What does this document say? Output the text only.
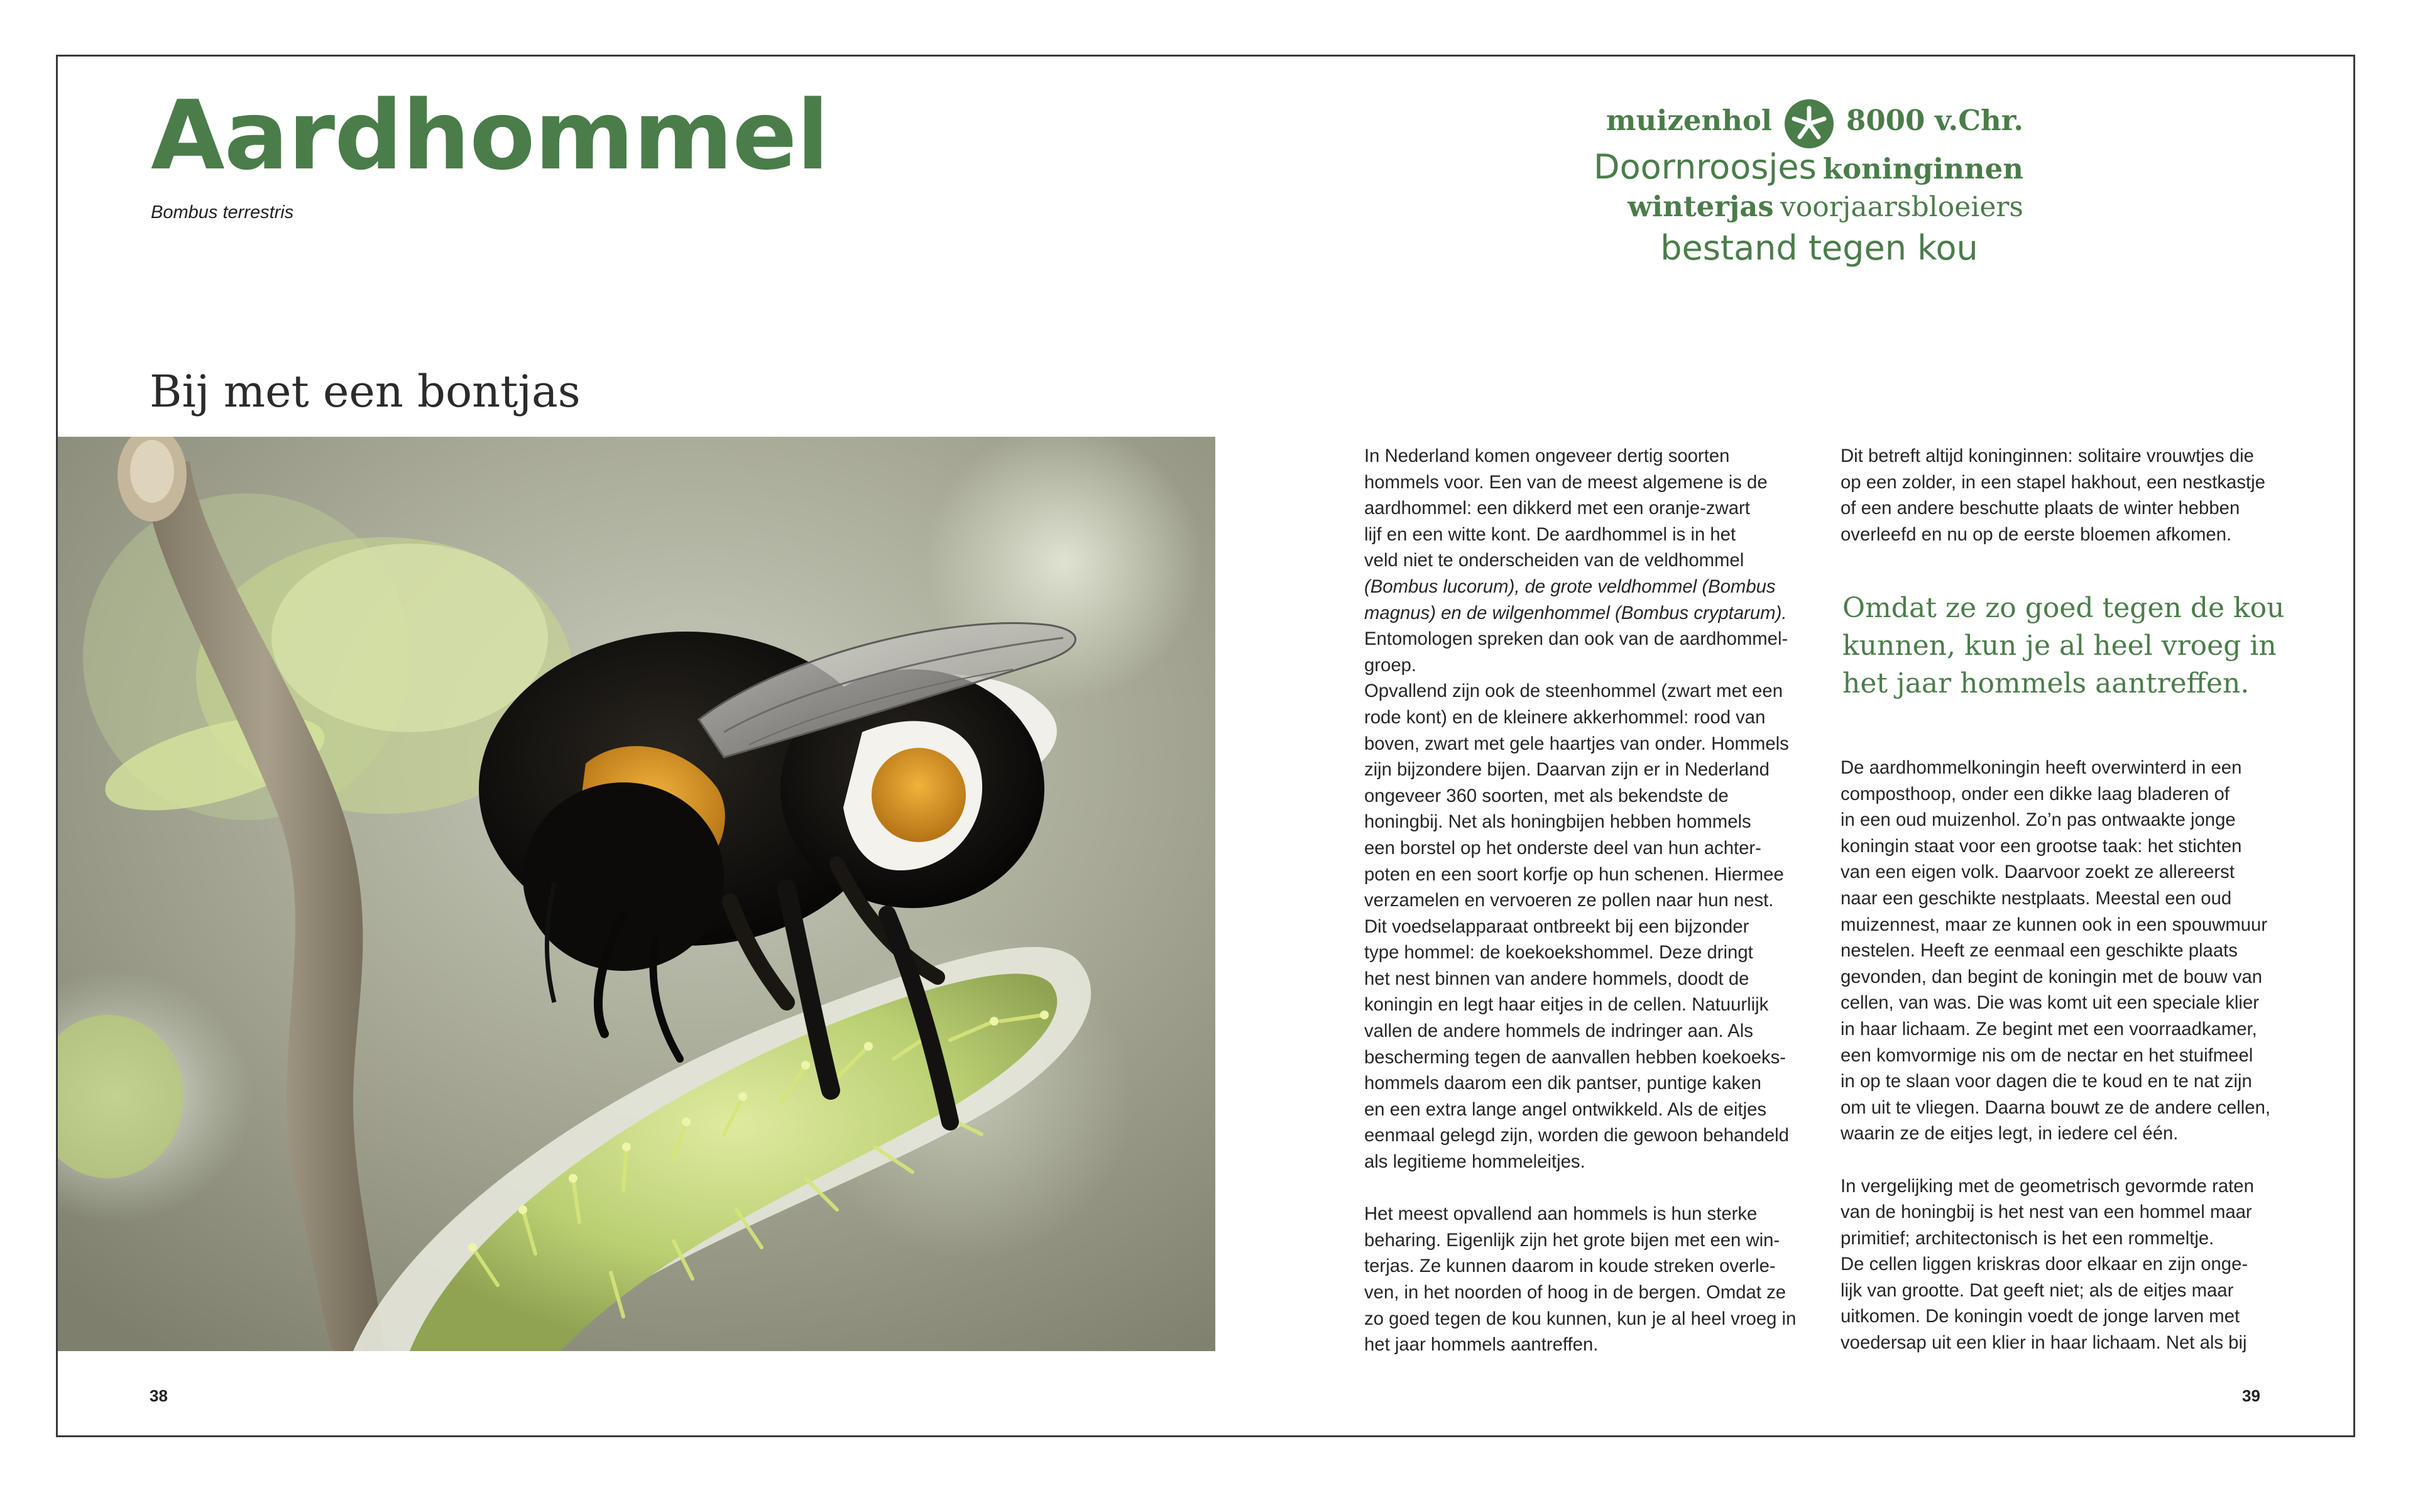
Aardhommel
Bombus terrestris
muizenhol	8000 v.Chr.
Doornroosjes koninginnen
winterjas voorjaarsbloeiers
bestand tegen kou
Bij met een bontjas

In Nederland komen ongeveer dertig soorten
hommels voor. Een van de meest algemene is de
aardhommel: een dikkerd met een oranje-zwart
lijf en een witte kont. De aardhommel is in het
veld niet te onderscheiden van de veldhommel
(Bombus lucorum), de grote veldhommel (Bombus
magnus) en de wilgenhommel (Bombus cryptarum).
Entomologen spreken dan ook van de aardhommel-
groep.
Opvallend zijn ook de steenhommel (zwart met een
rode kont) en de kleinere akkerhommel: rood van
boven, zwart met gele haartjes van onder. Hommels
zijn bijzondere bijen. Daarvan zijn er in Nederland
ongeveer 360 soorten, met als bekendste de
honingbij. Net als honingbijen hebben hommels
een borstel op het onderste deel van hun achter-
poten en een soort korfje op hun schenen. Hiermee
verzamelen en vervoeren ze pollen naar hun nest.
Dit voedselapparaat ontbreekt bij een bijzonder
type hommel: de koekoekshommel. Deze dringt
het nest binnen van andere hommels, doodt de
koningin en legt haar eitjes in de cellen. Natuurlijk
vallen de andere hommels de indringer aan. Als
bescherming tegen de aanvallen hebben koekoeks-
hommels daarom een dik pantser, puntige kaken
en een extra lange angel ontwikkeld. Als de eitjes
eenmaal gelegd zijn, worden die gewoon behandeld
als legitieme hommeleitjes.

Het meest opvallend aan hommels is hun sterke
beharing. Eigenlijk zijn het grote bijen met een win-
terjas. Ze kunnen daarom in koude streken overle-
ven, in het noorden of hoog in de bergen. Omdat ze
zo goed tegen de kou kunnen, kun je al heel vroeg in
het jaar hommels aantreffen.

Dit betreft altijd koninginnen: solitaire vrouwtjes die
op een zolder, in een stapel hakhout, een nestkastje
of een andere beschutte plaats de winter hebben
overleefd en nu op de eerste bloemen afkomen.

Omdat ze zo goed tegen de kou
kunnen, kun je al heel vroeg in
het jaar hommels aantreffen.

De aardhommelkoningin heeft overwinterd in een
composthoop, onder een dikke laag bladeren of
in een oud muizenhol. Zo’n pas ontwaakte jonge
koningin staat voor een grootse taak: het stichten
van een eigen volk. Daarvoor zoekt ze allereerst
naar een geschikte nestplaats. Meestal een oud
muizennest, maar ze kunnen ook in een spouwmuur
nestelen. Heeft ze eenmaal een geschikte plaats
gevonden, dan begint de koningin met de bouw van
cellen, van was. Die was komt uit een speciale klier
in haar lichaam. Ze begint met een voorraadkamer,
een komvormige nis om de nectar en het stuifmeel
in op te slaan voor dagen die te koud en te nat zijn
om uit te vliegen. Daarna bouwt ze de andere cellen,
waarin ze de eitjes legt, in iedere cel één.

In vergelijking met de geometrisch gevormde raten
van de honingbij is het nest van een hommel maar
primitief; architectonisch is het een rommeltje.
De cellen liggen kriskras door elkaar en zijn onge-
lijk van grootte. Dat geeft niet; als de eitjes maar
uitkomen. De koningin voedt de jonge larven met
voedersap uit een klier in haar lichaam. Net als bij

38	39
